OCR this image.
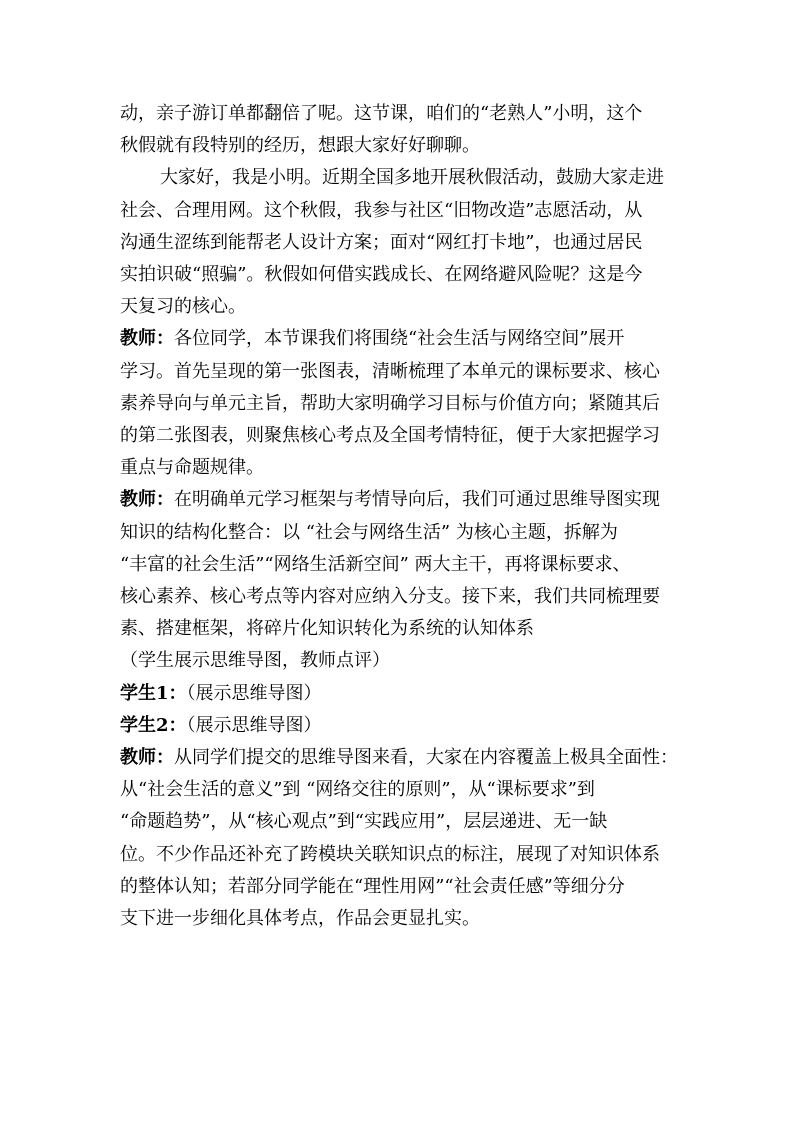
动，亲子游订单都翻倍了呢。这节课，咱们的“老熟人”小明，这个

秋假就有段特别的经历，想跟大家好好聊聊。

大家好，我是小明。近期全国多地开展秋假活动，鼓励大家走进

社会、合理用网。这个秋假，我参与社区“旧物改造”志愿活动，从

沟通生涩练到能帮老人设计方案；面对“网红打卡地”，也通过居民

实拍识破“照骗”。秋假如何借实践成长、在网络避风险呢？这是今

天复习的核心。

教师：各位同学，本节课我们将围绕“社会生活与网络空间”展开

学习。首先呈现的第一张图表，清晰梳理了本单元的课标要求、核心

素养导向与单元主旨，帮助大家明确学习目标与价值方向；紧随其后

的第二张图表，则聚焦核心考点及全国考情特征，便于大家把握学习

重点与命题规律。

教师：在明确单元学习框架与考情导向后，我们可通过思维导图实现

知识的结构化整合：以 “社会与网络生活” 为核心主题，拆解为

“丰富的社会生活”“网络生活新空间” 两大主干，再将课标要求、

核心素养、核心考点等内容对应纳入分支。接下来，我们共同梳理要

素、搭建框架，将碎片化知识转化为系统的认知体系

（学生展示思维导图，教师点评）

学生1：（展示思维导图）

学生2：（展示思维导图）

教师：从同学们提交的思维导图来看，大家在内容覆盖上极具全面性：

从“社会生活的意义”到 “网络交往的原则”，从“课标要求”到

“命题趋势”，从“核心观点”到“实践应用”，层层递进、无一缺

位。不少作品还补充了跨模块关联知识点的标注，展现了对知识体系

的整体认知；若部分同学能在“理性用网”“社会责任感”等细分分

支下进一步细化具体考点，作品会更显扎实。
